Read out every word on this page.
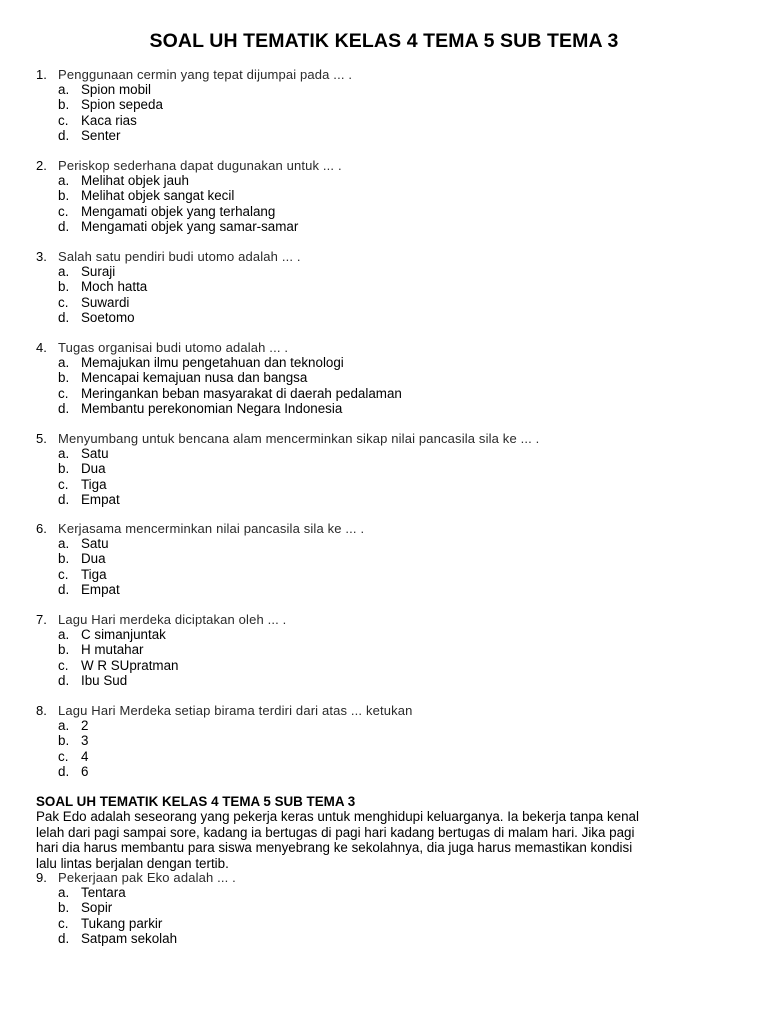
SOAL UH TEMATIK KELAS 4 TEMA 5 SUB TEMA 3
1. Penggunaan cermin yang tepat dijumpai pada ... .
a. Spion mobil
b. Spion sepeda
c. Kaca rias
d. Senter
2. Periskop sederhana dapat dugunakan untuk ... .
a. Melihat objek jauh
b. Melihat objek sangat kecil
c. Mengamati objek yang terhalang
d. Mengamati objek yang samar-samar
3. Salah satu pendiri budi utomo adalah ... .
a. Suraji
b. Moch hatta
c. Suwardi
d. Soetomo
4. Tugas organisai budi utomo adalah ... .
a. Memajukan ilmu pengetahuan dan teknologi
b. Mencapai kemajuan nusa dan bangsa
c. Meringankan beban masyarakat di daerah pedalaman
d. Membantu perekonomian Negara Indonesia
5. Menyumbang untuk bencana alam mencerminkan sikap nilai pancasila sila ke ... .
a. Satu
b. Dua
c. Tiga
d. Empat
6. Kerjasama mencerminkan nilai pancasila sila ke ... .
a. Satu
b. Dua
c. Tiga
d. Empat
7. Lagu Hari merdeka diciptakan oleh ... .
a. C simanjuntak
b. H mutahar
c. W R SUpratman
d. Ibu Sud
8. Lagu Hari Merdeka setiap birama terdiri dari atas ... ketukan
a. 2
b. 3
c. 4
d. 6
SOAL UH TEMATIK KELAS 4 TEMA 5 SUB TEMA 3
Pak Edo adalah seseorang yang pekerja keras untuk menghidupi keluarganya. Ia bekerja tanpa kenal
lelah dari pagi sampai sore, kadang ia bertugas di pagi hari kadang bertugas di malam hari. Jika pagi
hari dia harus membantu para siswa menyebrang ke sekolahnya, dia juga harus memastikan kondisi
lalu lintas berjalan dengan tertib.
9. Pekerjaan pak Eko adalah ... .
a. Tentara
b. Sopir
c. Tukang parkir
d. Satpam sekolah
